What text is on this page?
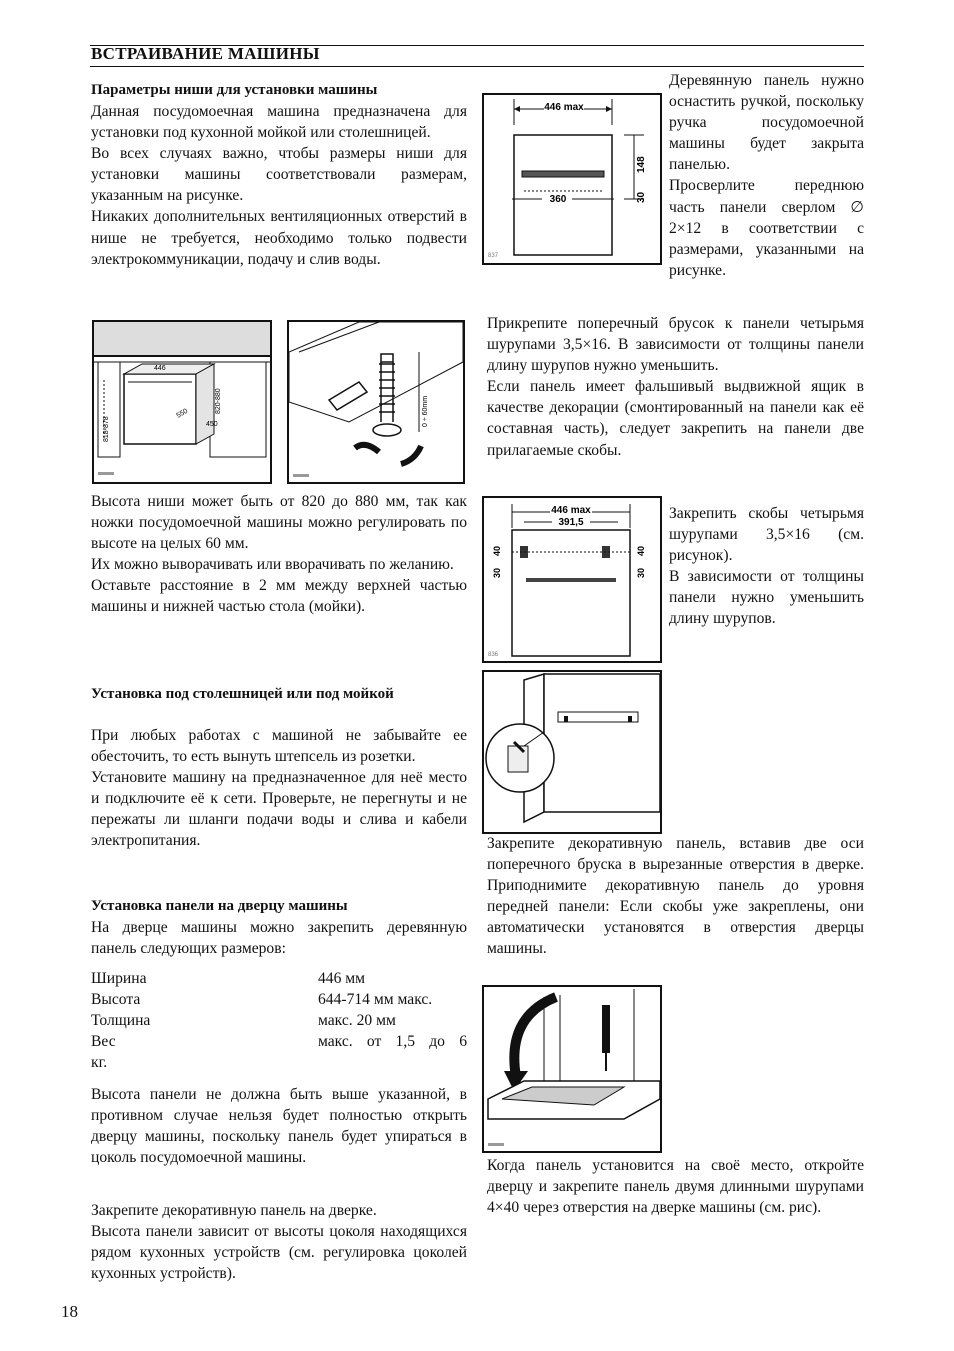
ВСТРАИВАНИЕ МАШИНЫ
Параметры ниши для установки машины

Данная посудомоечная машина предназначена для установки под кухонной мойкой или столешницей.

Во всех случаях важно, чтобы размеры ниши для установки машины соответствовали размерам, указанным на рисунке.

Никаких дополнительных вентиляционных отверстий в нише не требуется, необходимо только подвести электрокоммуникации, подачу и слив воды.

818-878
446
550	820-880
450	0 ÷ 60mm

Высота ниши может быть от 820 до 880 мм, так как ножки посудомоечной машины можно регулировать по высоте на целых 60 мм.

Их можно выворачивать или вворачивать по желанию.

Оставьте расстояние в 2 мм между верхней частью машины и нижней частью стола (мойки).

Установка под столешницей или под мойкой

При любых работах с машиной не забывайте ее обесточить, то есть вынуть штепсель из розетки.

Установите машину на предназначенное для неё место и подключите её к сети. Проверьте, не перегнуты и не пережаты ли шланги подачи воды и слива и кабели электропитания.

Установка панели на дверцу машины
На дверце машины можно закрепить деревянную панель следующих размеров:
Ширина	446 мм
Высота	644-714 мм макс.
Толщина	макс. 20 мм
Вес	макс. от 1,5 до 6
кг.
Высота панели не должна быть выше указанной, в противном случае нельзя будет полностью открыть дверцу машины, поскольку панель будет упираться в цоколь посудомоечной машины.

Закрепите декоративную панель на дверке.

Высота панели зависит от высоты цоколя находящихся рядом кухонных устройств (см. регулировка цоколей кухонных устройств).

446 max
360
148
30
837

Деревянную панель нужно оснастить ручкой, поскольку ручка посудомоечной машины будет закрыта панелью.

Просверлите переднюю часть панели сверлом ∅ 2×12 в соответствии с размерами, указанными на рисунке.

Прикрепите поперечный брусок к панели четырьмя шурупами 3,5×16. В зависимости от толщины панели длину шурупов нужно уменьшить.

Если панель имеет фальшивый выдвижной ящик в качестве декорации (смонтированный на панели как её составная часть), следует закрепить на панели две прилагаемые скобы.

446 max
391,5
30
40
30
40
836

Закрепить скобы четырьмя шурупами 3,5×16 (см. рисунок).

В зависимости от толщины панели нужно уменьшить длину шурупов.

Закрепите декоративную панель, вставив две оси поперечного бруска в вырезанные отверстия в дверке. Приподнимите декоративную панель до уровня передней панели: Если скобы уже закреплены, они автоматически установятся в отверстия дверцы машины.
Когда панель установится на своё место, откройте дверцу и закрепите панель двумя длинными шурупами 4×40 через отверстия на дверке машины (см. рис).
18
